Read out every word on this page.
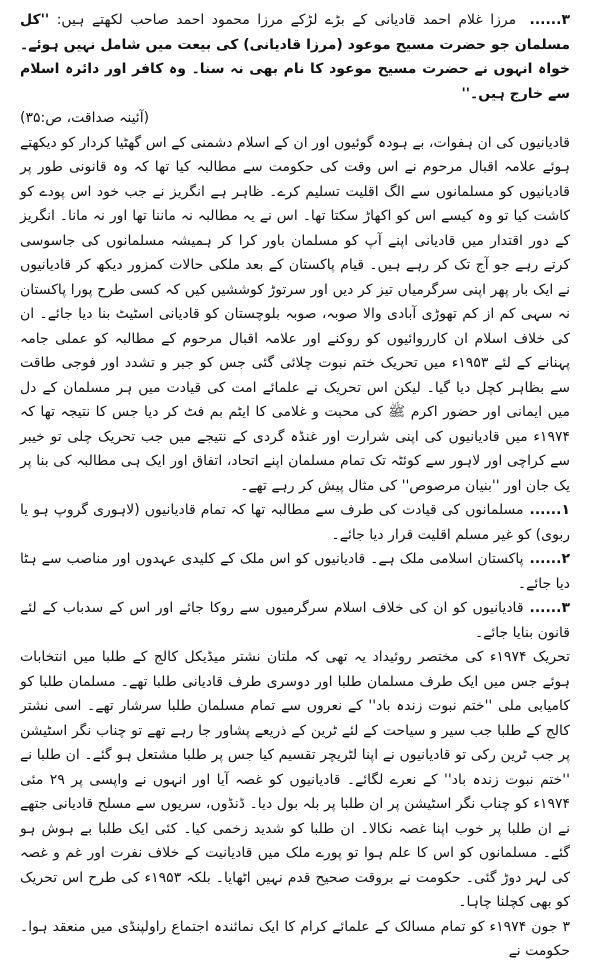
۳...... مرزا غلام احمد قادیانی کے بڑے لڑکے مرزا محمود احمد صاحب لکھتے ہیں: ''کل مسلمان جو حضرت مسیح موعود (مرزا قادیانی) کی بیعت میں شامل نہیں ہوئے۔ خواہ انہوں نے حضرت مسیح موعود کا نام بھی نہ سنا۔ وہ کافر اور دائرہ اسلام سے خارج ہیں۔''
(آئینہ صداقت، ص:۳۵)

قادیانیوں کی ان ہفوات، بے ہودہ گوئیوں اور ان کے اسلام دشمنی کے اس گھٹیا کردار کو دیکھتے ہوئے علامہ اقبال مرحوم نے اس وقت کی حکومت سے مطالبہ کیا تھا کہ وہ قانونی طور پر قادیانیوں کو مسلمانوں سے الگ اقلیت تسلیم کرے۔ ظاہر ہے انگریز نے جب خود اس پودے کو کاشت کیا تو وہ کیسے اس کو اکھاڑ سکتا تھا۔ اس نے یہ مطالبہ نہ ماننا تھا اور نہ مانا۔ انگریز کے دور اقتدار میں قادیانی اپنے آپ کو مسلمان باور کرا کر ہمیشہ مسلمانوں کی جاسوسی کرتے رہے جو آج تک کر رہے ہیں۔ قیام پاکستان کے بعد ملکی حالات کمزور دیکھ کر قادیانیوں نے ایک بار پھر اپنی سرگرمیاں تیز کر دیں اور سرتوڑ کوششیں کیں کہ کسی طرح پورا پاکستان نہ سہی کم از کم تھوڑی آبادی والا صوبہ، صوبہ بلوچستان کو قادیانی اسٹیٹ بنا دیا جائے۔ ان کی خلاف اسلام ان کارروائیوں کو روکنے اور علامہ اقبال مرحوم کے مطالبہ کو عملی جامہ پہنانے کے لئے ۱۹۵۳ء میں تحریک ختم نبوت چلائی گئی جس کو جبر و تشدد اور فوجی طاقت سے بظاہر کچل دیا گیا۔ لیکن اس تحریک نے علمائے امت کی قیادت میں ہر مسلمان کے دل میں ایمانی اور حضور اکرم ﷺ کی محبت و غلامی کا ایٹم بم فٹ کر دیا جس کا نتیجہ تھا کہ ۱۹۷۴ء میں قادیانیوں کی اپنی شرارت اور غنڈہ گردی کے نتیجے میں جب تحریک چلی تو خیبر سے کراچی اور لاہور سے کوئٹہ تک تمام مسلمان اپنے اتحاد، اتفاق اور ایک ہی مطالبہ کی بنا پر یک جان اور ''بنیان مرصوص'' کی مثال پیش کر رہے تھے۔

۱......مسلمانوں کی قیادت کی طرف سے مطالبہ تھا کہ تمام قادیانیوں (لاہوری گروپ ہو یا ربوی) کو غیر مسلم اقلیت قرار دیا جائے۔
۲......پاکستان اسلامی ملک ہے۔ قادیانیوں کو اس ملک کے کلیدی عہدوں اور مناصب سے ہٹا دیا جائے۔
۳......قادیانیوں کو ان کی خلاف اسلام سرگرمیوں سے روکا جائے اور اس کے سدباب کے لئے قانون بنایا جائے۔

تحریک ۱۹۷۴ء کی مختصر روئیداد یہ تھی کہ ملتان نشتر میڈیکل کالج کے طلبا میں انتخابات ہوئے جس میں ایک طرف مسلمان طلبا اور دوسری طرف قادیانی طلبا تھے۔ مسلمان طلبا کو کامیابی ملی ''ختم نبوت زندہ باد'' کے نعروں سے تمام مسلمان طلبا سرشار تھے۔ اسی نشتر کالج کے طلبا جب سیر و سیاحت کے لئے ٹرین کے ذریعے پشاور جا رہے تھے تو چناب نگر اسٹیشن پر جب ٹرین رکی تو قادیانیوں نے اپنا لٹریچر تقسیم کیا جس پر طلبا مشتعل ہو گئے۔ ان طلبا نے ''ختم نبوت زندہ باد'' کے نعرے لگائے۔ قادیانیوں کو غصہ آیا اور انہوں نے واپسی پر ۲۹ مئی ۱۹۷۴ء کو چناب نگر اسٹیشن پر ان طلبا پر بلہ بول دیا۔ ڈنڈوں، سریوں سے مسلح قادیانی جتھے نے ان طلبا پر خوب اپنا غصہ نکالا۔ ان طلبا کو شدید زخمی کیا۔ کئی ایک طلبا بے ہوش ہو گئے۔ مسلمانوں کو اس کا علم ہوا تو پورے ملک میں قادیانیت کے خلاف نفرت اور غم و غصہ کی لہر دوڑ گئی۔ حکومت نے بروقت صحیح قدم نہیں اٹھایا۔ بلکہ ۱۹۵۳ء کی طرح اس تحریک کو بھی کچلنا چاہا۔

۳ جون ۱۹۷۴ء کو تمام مسالک کے علمائے کرام کا ایک نمائندہ اجتماع راولپنڈی میں منعقد ہوا۔ حکومت نے
